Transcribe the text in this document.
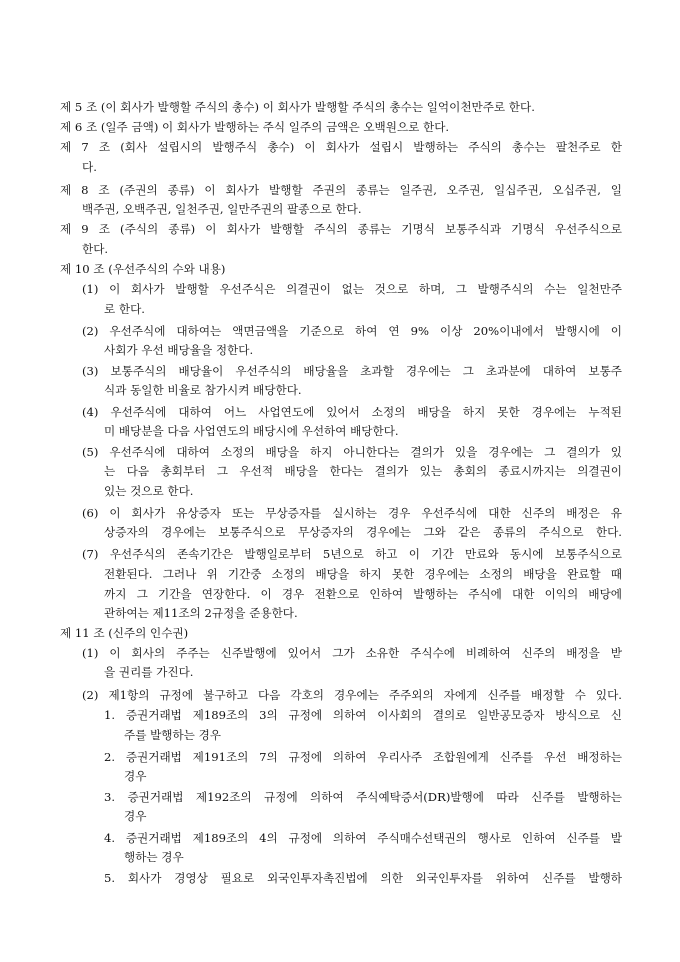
제 5 조 (이 회사가 발행할 주식의 총수) 이 회사가 발행할 주식의 총수는 일억이천만주로 한다.
제 6 조 (일주 금액) 이 회사가 발행하는 주식 일주의 금액은 오백원으로 한다.
제 7 조 (회사 설립시의 발행주식 총수) 이 회사가 설립시 발행하는 주식의 총수는 팔천주로 한
다.
제 8 조 (주권의 종류) 이 회사가 발행할 주권의 종류는 일주권, 오주권, 일십주권, 오십주권, 일
백주권, 오백주권, 일천주권, 일만주권의 팔종으로 한다.
제 9 조 (주식의 종류) 이 회사가 발행할 주식의 종류는 기명식 보통주식과 기명식 우선주식으로
한다.
제 10 조 (우선주식의 수와 내용)
(1) 이 회사가 발행할 우선주식은 의결권이 없는 것으로 하며, 그 발행주식의 수는 일천만주
로 한다.
(2) 우선주식에 대하여는 액면금액을 기준으로 하여 연 9% 이상 20%이내에서 발행시에 이
사회가 우선 배당율을 정한다.
(3) 보통주식의 배당율이 우선주식의 배당율을 초과할 경우에는 그 초과분에 대하여 보통주
식과 동일한 비율로 참가시켜 배당한다.
(4) 우선주식에 대하여 어느 사업연도에 있어서 소정의 배당을 하지 못한 경우에는 누적된
미 배당분을 다음 사업연도의 배당시에 우선하여 배당한다.
(5) 우선주식에 대하여 소정의 배당을 하지 아니한다는 결의가 있을 경우에는 그 결의가 있
는 다음 총회부터 그 우선적 배당을 한다는 결의가 있는 총회의 종료시까지는 의결권이
있는 것으로 한다.
(6) 이 회사가 유상증자 또는 무상증자를 실시하는 경우 우선주식에 대한 신주의 배정은 유
상증자의 경우에는 보통주식으로 무상증자의 경우에는 그와 같은 종류의 주식으로 한다.
(7) 우선주식의 존속기간은 발행일로부터 5년으로 하고 이 기간 만료와 동시에 보통주식으로
전환된다. 그러나 위 기간중 소정의 배당을 하지 못한 경우에는 소정의 배당을 완료할 때
까지 그 기간을 연장한다. 이 경우 전환으로 인하여 발행하는 주식에 대한 이익의 배당에
관하여는 제11조의 2규정을 준용한다.
제 11 조 (신주의 인수권)
(1) 이 회사의 주주는 신주발행에 있어서 그가 소유한 주식수에 비례하여 신주의 배정을 받
을 권리를 가진다.
(2) 제1항의 규정에 불구하고 다음 각호의 경우에는 주주외의 자에게 신주를 배정할 수 있다.
1. 증권거래법 제189조의 3의 규정에 의하여 이사회의 결의로 일반공모증자 방식으로 신
주를 발행하는 경우
2. 증권거래법 제191조의 7의 규정에 의하여 우리사주 조합원에게 신주를 우선 배정하는
경우
3. 증권거래법 제192조의 규정에 의하여 주식예탁증서(DR)발행에 따라 신주를 발행하는
경우
4. 증권거래법 제189조의 4의 규정에 의하여 주식매수선택권의 행사로 인하여 신주를 발
행하는 경우
5. 회사가 경영상 필요로 외국인투자촉진법에 의한 외국인투자를 위하여 신주를 발행하
